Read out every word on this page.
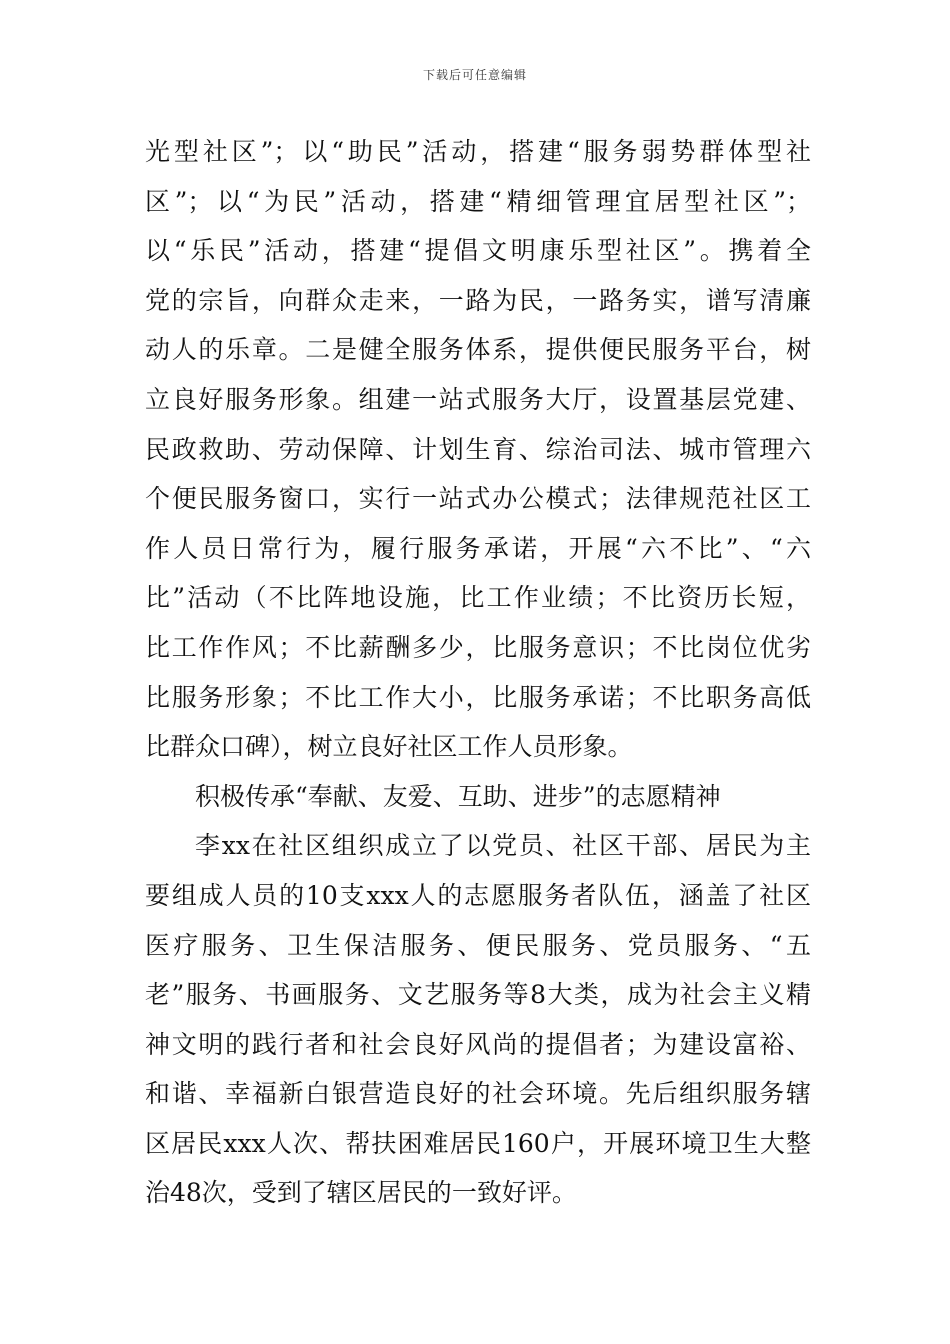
下载后可任意编辑
光型社区”；以“助民”活动，搭建“服务弱势群体型社
区”；以“为民”活动，搭建“精细管理宜居型社区”；
以“乐民”活动，搭建“提倡文明康乐型社区”。携着全
党的宗旨，向群众走来，一路为民，一路务实，谱写清廉
动人的乐章。二是健全服务体系，提供便民服务平台，树
立良好服务形象。组建一站式服务大厅，设置基层党建、
民政救助、劳动保障、计划生育、综治司法、城市管理六
个便民服务窗口，实行一站式办公模式；法律规范社区工
作人员日常行为，履行服务承诺，开展“六不比”、“六
比”活动（不比阵地设施，比工作业绩；不比资历长短，
比工作作风；不比薪酬多少，比服务意识；不比岗位优劣
比服务形象；不比工作大小，比服务承诺；不比职务高低
比群众口碑），树立良好社区工作人员形象。
积极传承“奉献、友爱、互助、进步”的志愿精神
李xx在社区组织成立了以党员、社区干部、居民为主
要组成人员的10支xxx人的志愿服务者队伍，涵盖了社区
医疗服务、卫生保洁服务、便民服务、党员服务、“五
老”服务、书画服务、文艺服务等8大类，成为社会主义精
神文明的践行者和社会良好风尚的提倡者；为建设富裕、
和谐、幸福新白银营造良好的社会环境。先后组织服务辖
区居民xxx人次、帮扶困难居民160户，开展环境卫生大整
治48次，受到了辖区居民的一致好评。
